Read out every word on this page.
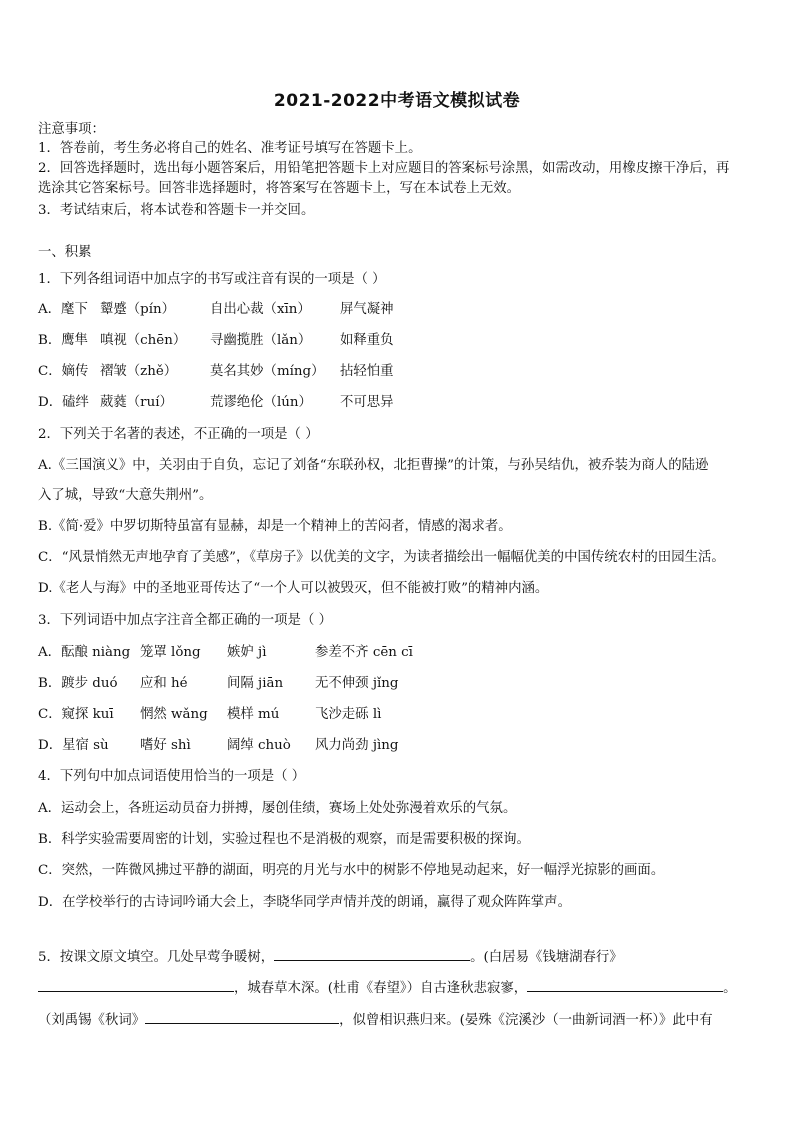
2021-2022中考语文模拟试卷
注意事项：
1．答卷前，考生务必将自己的姓名、准考证号填写在答题卡上。
2．回答选择题时，选出每小题答案后，用铅笔把答题卡上对应题目的答案标号涂黑，如需改动，用橡皮擦干净后，再
选涂其它答案标号。回答非选择题时，将答案写在答题卡上，写在本试卷上无效。
3．考试结束后，将本试卷和答题卡一并交回。
一、积累
1．下列各组词语中加点字的书写或注音有误的一项是（ ）
A．麾下 颦蹙（pín）	自出心裁（xīn） 屏气凝神
B．鹰隼 嗔视（chēn） 寻幽揽胜（lǎn） 如释重负
C．嫡传 褶皱（zhě） 莫名其妙（míng） 拈轻怕重
D．磕绊 葳蕤（ruí）	荒谬绝伦（lún） 不可思异
2．下列关于名著的表述，不正确的一项是（ ）
A.《三国演义》中，关羽由于自负，忘记了刘备“东联孙权，北拒曹操”的计策，与孙吴结仇，被乔装为商人的陆逊
入了城，导致“大意失荆州”。
B.《简·爱》中罗切斯特虽富有显赫，却是一个精神上的苦闷者，情感的渴求者。
C．“风景悄然无声地孕育了美感”，《草房子》以优美的文字，为读者描绘出一幅幅优美的中国传统农村的田园生活。
D.《老人与海》中的圣地亚哥传达了“一个人可以被毁灭，但不能被打败”的精神内涵。
3．下列词语中加点字注音全都正确的一项是（ ）
A．酝酿 niàng 笼罩 lǒng 嫉妒 jì	参差不齐 cēn cī
B．踱步 duó 应和 hé	间隔 jiān 无不伸颈 jǐng
C．窥探 kuī 惘然 wǎng 模样 mú	飞沙走砾 lì
D．星宿 sù 嗜好 shì	阔绰 chuò 风力尚劲 jìng
4．下列句中加点词语使用恰当的一项是（ ）
A．运动会上，各班运动员奋力拼搏，屡创佳绩，赛场上处处弥漫着欢乐的气氛。
B．科学实验需要周密的计划，实验过程也不是消极的观察，而是需要积极的探询。
C．突然，一阵微风拂过平静的湖面，明亮的月光与水中的树影不停地晃动起来，好一幅浮光掠影的画面。
D．在学校举行的古诗词吟诵大会上，李晓华同学声情并茂的朗诵，赢得了观众阵阵掌声。
5．按课文原文填空。几处早莺争暖树，	。(白居易《钱塘湖春行》
，城春草木深。(杜甫《春望》）自古逢秋悲寂寥，	。
（刘禹锡《秋词》	，似曾相识燕归来。(晏殊《浣溪沙（一曲新词酒一杯）》此中有
